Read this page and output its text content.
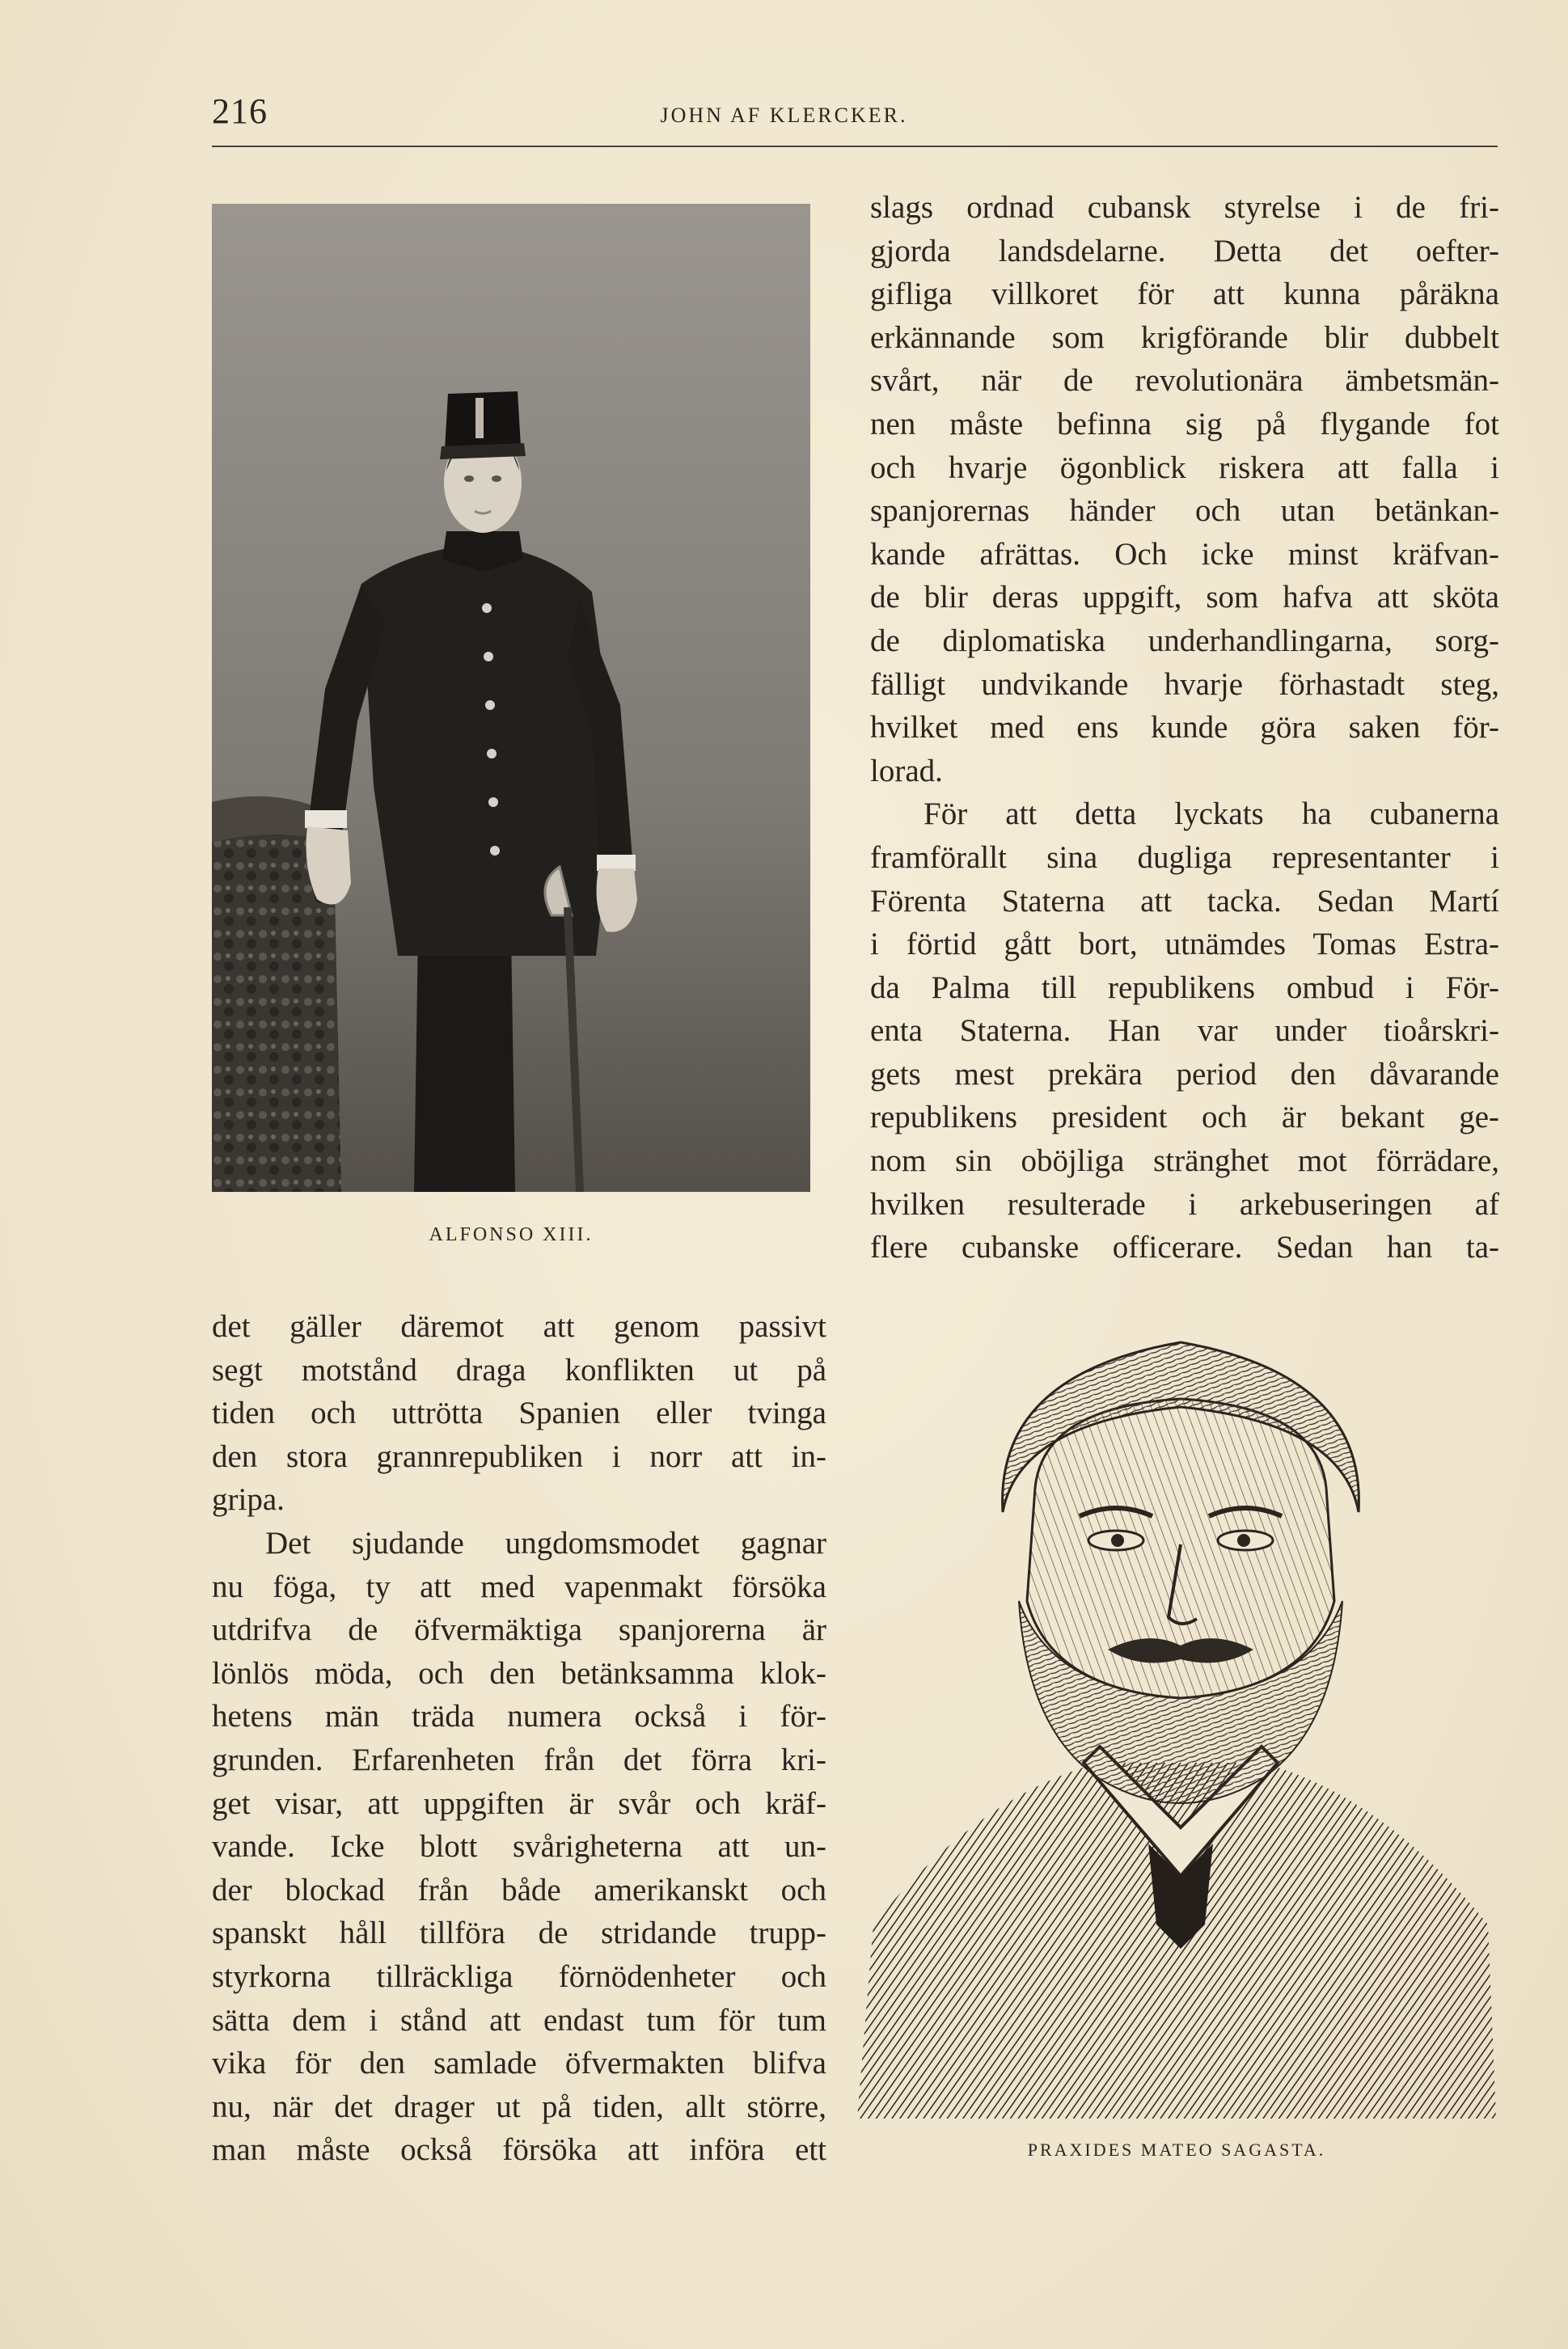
216	JOHN AF KLERCKER.
ALFONSO XIII.
slags ordnad cubansk styrelse i de fri-
gjorda landsdelarne. Detta det oefter-
gifliga villkoret för att kunna påräkna
erkännande som krigförande blir dubbelt
svårt, när de revolutionära ämbetsmän-
nen måste befinna sig på flygande fot
och hvarje ögonblick riskera att falla i
spanjorernas händer och utan betänkan-
kande afrättas. Och icke minst kräfvan-
de blir deras uppgift, som hafva att sköta
de diplomatiska underhandlingarna, sorg-
fälligt undvikande hvarje förhastadt steg,
hvilket med ens kunde göra saken för-
lorad.
För att detta lyckats ha cubanerna
framförallt sina dugliga representanter i
Förenta Staterna att tacka. Sedan Martí
i förtid gått bort, utnämdes Tomas Estra-
da Palma till republikens ombud i För-
enta Staterna. Han var under tioårskri-
gets mest prekära period den dåvarande
republikens president och är bekant ge-
nom sin oböjliga stränghet mot förrädare,
hvilken resulterade i arkebuseringen af
flere cubanske officerare. Sedan han ta-
det gäller däremot att genom passivt
segt motstånd draga konflikten ut på
tiden och uttrötta Spanien eller tvinga
den stora grannrepubliken i norr att in-
gripa.
Det sjudande ungdomsmodet gagnar
nu föga, ty att med vapenmakt försöka
utdrifva de öfvermäktiga spanjorerna är
lönlös möda, och den betänksamma klok-
hetens män träda numera också i för-
grunden. Erfarenheten från det förra kri-
get visar, att uppgiften är svår och kräf-
vande. Icke blott svårigheterna att un-
der blockad från både amerikanskt och
spanskt håll tillföra de stridande trupp-
styrkorna tillräckliga förnödenheter och
sätta dem i stånd att endast tum för tum
vika för den samlade öfvermakten blifva
nu, när det drager ut på tiden, allt större,
man måste också försöka att införa ett	PRAXIDES MATEO SAGASTA.
